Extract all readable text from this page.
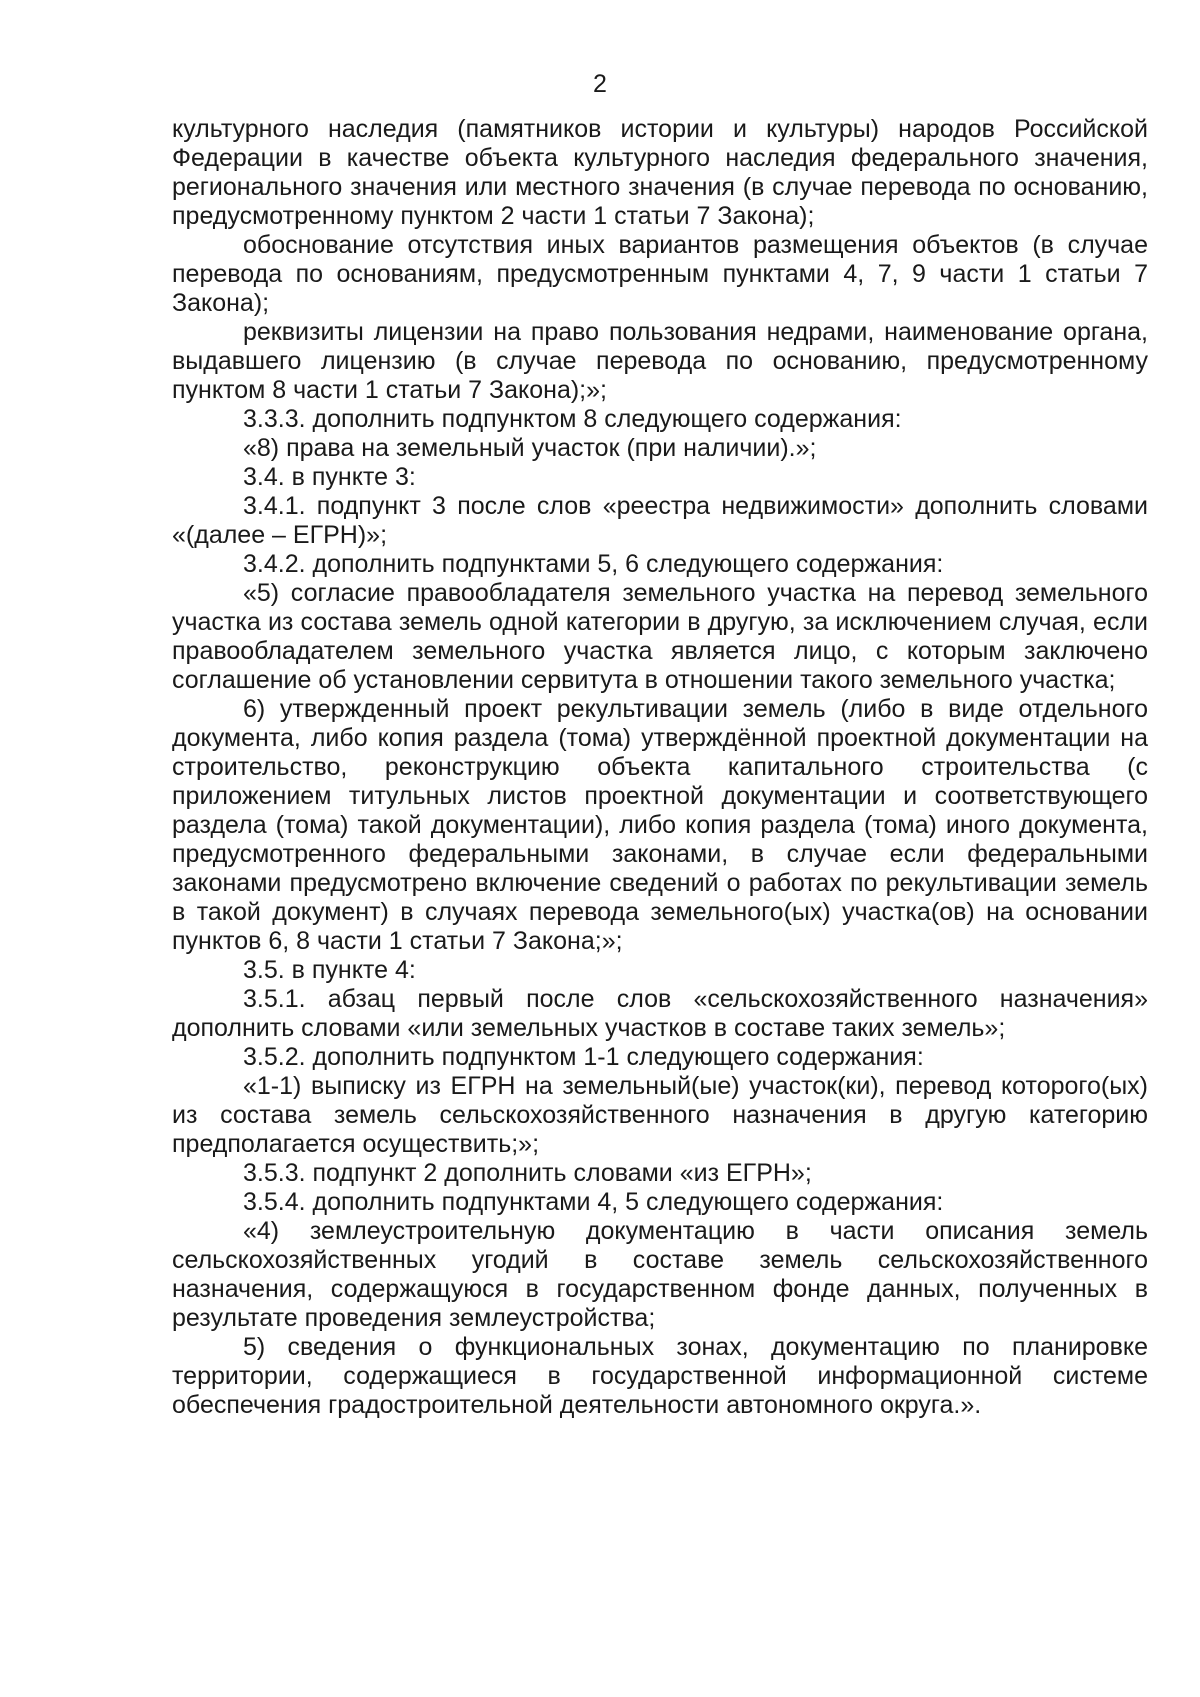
2

культурного наследия (памятников истории и культуры) народов Российской Федерации в качестве объекта культурного наследия федерального значения, регионального значения или местного значения (в случае перевода по основанию, предусмотренному пунктом 2 части 1 статьи 7 Закона);

обоснование отсутствия иных вариантов размещения объектов (в случае перевода по основаниям, предусмотренным пунктами 4, 7, 9 части 1 статьи 7 Закона);

реквизиты лицензии на право пользования недрами, наименование органа, выдавшего лицензию (в случае перевода по основанию, предусмотренному пунктом 8 части 1 статьи 7 Закона);»;

3.3.3. дополнить подпунктом 8 следующего содержания:

«8) права на земельный участок (при наличии).»;

3.4. в пункте 3:

3.4.1. подпункт 3 после слов «реестра недвижимости» дополнить словами «(далее – ЕГРН)»;

3.4.2. дополнить подпунктами 5, 6 следующего содержания:

«5) согласие правообладателя земельного участка на перевод земельного участка из состава земель одной категории в другую, за исключением случая, если правообладателем земельного участка является лицо, с которым заключено соглашение об установлении сервитута в отношении такого земельного участка;

6) утвержденный проект рекультивации земель (либо в виде отдельного документа, либо копия раздела (тома) утверждённой проектной документации на строительство, реконструкцию объекта капитального строительства (с приложением титульных листов проектной документации и соответствующего раздела (тома) такой документации), либо копия раздела (тома) иного документа, предусмотренного федеральными законами, в случае если федеральными законами предусмотрено включение сведений о работах по рекультивации земель в такой документ) в случаях перевода земельного(ых) участка(ов) на основании пунктов 6, 8 части 1 статьи 7 Закона;»;

3.5. в пункте 4:

3.5.1. абзац первый после слов «сельскохозяйственного назначения» дополнить словами «или земельных участков в составе таких земель»;

3.5.2. дополнить подпунктом 1-1 следующего содержания:

«1-1) выписку из ЕГРН на земельный(ые) участок(ки), перевод которого(ых) из состава земель сельскохозяйственного назначения в другую категорию предполагается осуществить;»;

3.5.3. подпункт 2 дополнить словами «из ЕГРН»;

3.5.4. дополнить подпунктами 4, 5 следующего содержания:

«4) землеустроительную документацию в части описания земель сельскохозяйственных угодий в составе земель сельскохозяйственного назначения, содержащуюся в государственном фонде данных, полученных в результате проведения землеустройства;

5) сведения о функциональных зонах, документацию по планировке территории, содержащиеся в государственной информационной системе обеспечения градостроительной деятельности автономного округа.».
